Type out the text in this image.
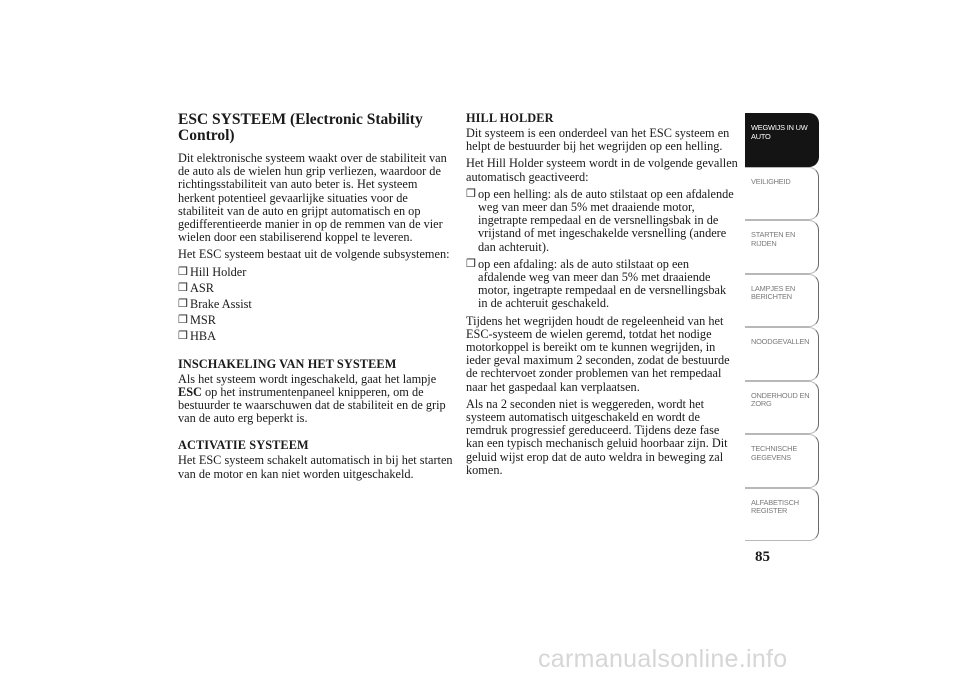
ESC SYSTEEM (Electronic Stability Control)
Dit elektronische systeem waakt over de stabiliteit van de auto als de wielen hun grip verliezen, waardoor de richtingsstabiliteit van auto beter is. Het systeem herkent potentieel gevaarlijke situaties voor de stabiliteit van de auto en grijpt automatisch en op gedifferentieerde manier in op de remmen van de vier wielen door een stabiliserend koppel te leveren.
Het ESC systeem bestaat uit de volgende subsystemen:
❒ Hill Holder
❒ ASR
❒ Brake Assist
❒ MSR
❒ HBA
INSCHAKELING VAN HET SYSTEEM
Als het systeem wordt ingeschakeld, gaat het lampje ESC op het instrumentenpaneel knipperen, om de bestuurder te waarschuwen dat de stabiliteit en de grip van de auto erg beperkt is.
ACTIVATIE SYSTEEM
Het ESC systeem schakelt automatisch in bij het starten van de motor en kan niet worden uitgeschakeld.
HILL HOLDER
Dit systeem is een onderdeel van het ESC systeem en helpt de bestuurder bij het wegrijden op een helling.
Het Hill Holder systeem wordt in de volgende gevallen automatisch geactiveerd:
❒ op een helling: als de auto stilstaat op een afdalende weg van meer dan 5% met draaiende motor, ingetrapte rempedaal en de versnellingsbak in de vrijstand of met ingeschakelde versnelling (andere dan achteruit).
❒ op een afdaling: als de auto stilstaat op een afdalende weg van meer dan 5% met draaiende motor, ingetrapte rempedaal en de versnellingsbak in de achteruit geschakeld.
Tijdens het wegrijden houdt de regeleenheid van het ESC-systeem de wielen geremd, totdat het nodige motorkoppel is bereikt om te kunnen wegrijden, in ieder geval maximum 2 seconden, zodat de bestuurde de rechtervoet zonder problemen van het rempedaal naar het gaspedaal kan verplaatsen.
Als na 2 seconden niet is weggereden, wordt het systeem automatisch uitgeschakeld en wordt de remdruk progressief gereduceerd. Tijdens deze fase kan een typisch mechanisch geluid hoorbaar zijn. Dit geluid wijst erop dat de auto weldra in beweging zal komen.
WEGWIJS IN UW AUTO
VEILIGHEID
STARTEN EN RIJDEN
LAMPJES EN BERICHTEN
NOODGEVALLEN
ONDERHOUD EN ZORG
TECHNISCHE GEGEVENS
ALFABETISCH REGISTER
85
carmanualsonline.info
